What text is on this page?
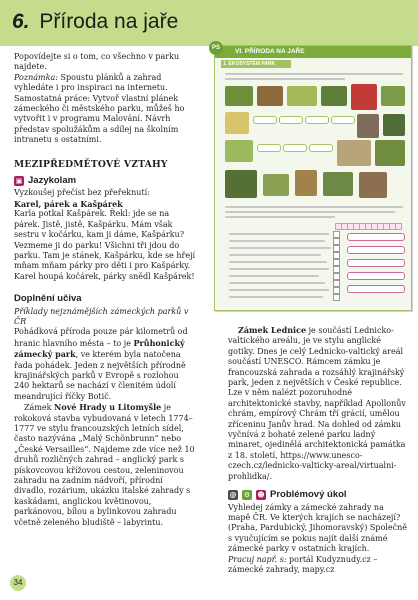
6. Příroda na jaře

Popovídejte si o tom, co všechno v parku najdete.

Poznámka: Spoustu plánků a zahrad vyhledáte i pro inspiraci na internetu. Samostatná práce: Vytvoř vlastní plánek zámeckého či městského parku, můžeš ho vytvořit i v programu Malování. Návrh představ spolužákům a sdílej na školním intranetu s ostatními.

MEZIPŘEDMĚTOVÉ VZTAHY
▣ Jazykolam

Vyzkoušej přečíst bez přeřeknutí:

Karel, párek a Kašpárek

Karla potkal Kašpárek. Řekl: jde se na párek. Jistě, jistě, Kašpárku. Mám však sestru v kočárku, kam ji dáme, Kašpárku? Vezmeme ji do parku! Všichni tři jdou do parku. Tam je stánek, Kašpárku, kde se hřejí mňam mňam párky pro děti i pro Kašpárky. Karel houpá kočárek, párky snědl Kašpárek!

Doplnění učiva

Příklady nejznámějších zámeckých parků v ČR

Pohádková příroda pouze pár kilometrů od hranic hlavního města – to je Průhonický zámecký park, ve kterém byla natočena řada pohádek. Jeden z největších přírodně krajinářských parků v Evropě s rozlohou 240 hektarů se nachází v členitém údolí meandrující říčky Botič.

Zámek Nové Hrady u Litomyšle je rokoková stavba vybudovaná v letech 1774–1777 ve stylu francouzských letních sídel, často nazývána „Malý Schönbrunn“ nebo „České Versailles“. Najdeme zde více než 10 druhů rozličných zahrad – anglický park s pískovcovou křížovou cestou, zeleninovou zahradu na zadním nádvoří, přírodní divadlo, rozárium, ukázku italské zahrady s kaskádami, anglickou květinovou, parkánovou, bílou a bylinkovou zahradu včetně zeleného bludiště – labyrintu.

VI. PŘÍRODA NA JAŘE
1. EKOSYSTÉM PARK
PS

Zámek Lednice je součástí Lednicko-valtického areálu, je ve stylu anglické gotiky. Dnes je celý Lednicko-valtický areál součástí UNESCO. Rámcem zámku je francouzská zahrada a rozsáhlý krajinářský park, jeden z největších v České republice. Lze v něm nalézt pozoruhodné architektonické stavby, například Apollonův chrám, empírový Chrám tří grácií, umělou zříceninu Janův hrad. Na dohled od zámku vyčnívá z bohaté zelené parku ladný minaret, ojedinělá architektonická památka z 18. století, https://www.unesco-czech.cz/lednicko-valticky-areal/virtualni-prohlidka/.

@ ⚙ ☻ Problémový úkol

Vyhledej zámky a zámecké zahrady na mapě ČR. Ve kterých krajích se nacházejí? (Praha, Pardubický, Jihomoravský) Společně s vyučujícím se pokus najít další známé zámecké parky v ostatních krajích.

Pracuj např. s: portál Kudyznudy.cz – zámecké zahrady, mapy.cz

34
